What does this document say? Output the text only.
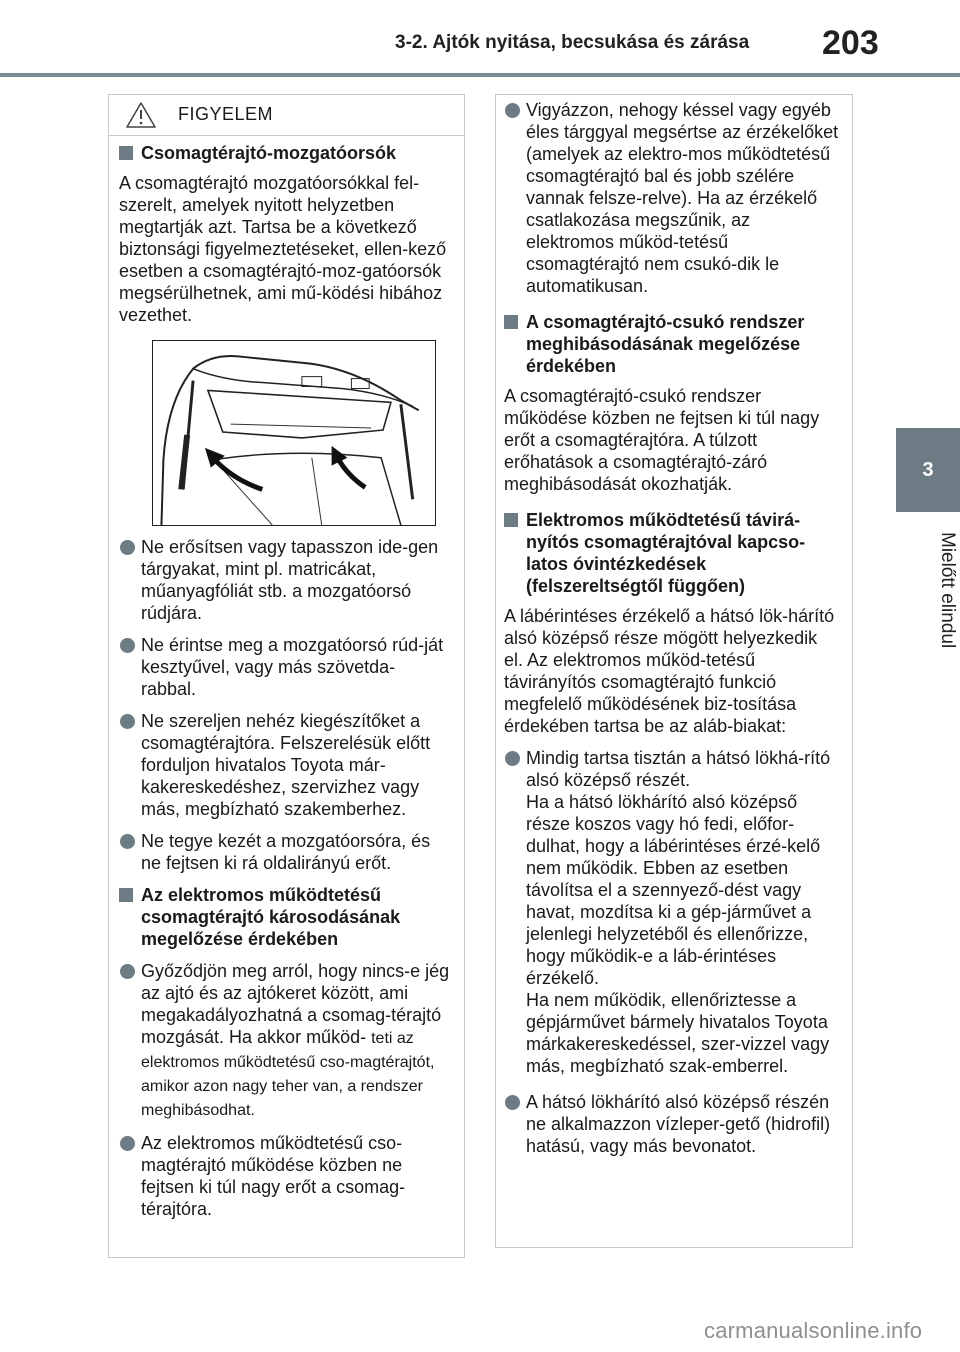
3-2. Ajtók nyitása, becsukása és zárása	203
3
Mielőtt elindul
FIGYELEM
Csomagtérajtó-mozgatóorsók
A csomagtérajtó mozgatóorsókkal fel-szerelt, amelyek nyitott helyzetben megtartják azt. Tartsa be a következő biztonsági figyelmeztetéseket, ellen-kező esetben a csomagtérajtó-moz-gatóorsók megsérülhetnek, ami mű-ködési hibához vezethet.
Ne erősítsen vagy tapasszon ide-gen tárgyakat, mint pl. matricákat, műanyagfóliát stb. a mozgatóorsó rúdjára.
Ne érintse meg a mozgatóorsó rúd-ját kesztyűvel, vagy más szövetda-rabbal.
Ne szereljen nehéz kiegészítőket a csomagtérajtóra. Felszerelésük előtt forduljon hivatalos Toyota már-kakereskedéshez, szervizhez vagy más, megbízható szakemberhez.
Ne tegye kezét a mozgatóorsóra, és ne fejtsen ki rá oldalirányú erőt.
Az elektromos működtetésű csomagtérajtó károsodásának megelőzése érdekében
Győződjön meg arról, hogy nincs-e jég az ajtó és az ajtókeret között, ami megakadályozhatná a csomag-térajtó mozgását. Ha akkor működ- teti az elektromos működtetésű cso-magtérajtót, amikor azon nagy teher van, a rendszer meghibásodhat.
Az elektromos működtetésű cso-magtérajtó működése közben ne fejtsen ki túl nagy erőt a csomag-térajtóra.
Vigyázzon, nehogy késsel vagy egyéb éles tárggyal megsértse az érzékelőket (amelyek az elektro-mos működtetésű csomagtérajtó bal és jobb szélére vannak felsze-relve). Ha az érzékelő csatlakozása megszűnik, az elektromos működ-tetésű csomagtérajtó nem csukó-dik le automatikusan.
A csomagtérajtó-csukó rendszer meghibásodásának megelőzése érdekében
A csomagtérajtó-csukó rendszer működése közben ne fejtsen ki túl nagy erőt a csomagtérajtóra. A túlzott erőhatások a csomagtérajtó-záró meghibásodását okozhatják.
Elektromos működtetésű távirá-nyítós csomagtérajtóval kapcso-latos óvintézkedések (felszereltségtől függően)
A lábérintéses érzékelő a hátsó lök-hárító alsó középső része mögött helyezkedik el. Az elektromos működ-tetésű távirányítós csomagtérajtó funkció megfelelő működésének biz-tosítása érdekében tartsa be az aláb-biakat:
Mindig tartsa tisztán a hátsó lökhá-rító alsó középső részét.
Ha a hátsó lökhárító alsó középső része koszos vagy hó fedi, előfor-dulhat, hogy a lábérintéses érzé-kelő nem működik. Ebben az esetben távolítsa el a szennyező-dést vagy havat, mozdítsa ki a gép-járművet a jelenlegi helyzetéből és ellenőrizze, hogy működik-e a láb-érintéses érzékelő.
Ha nem működik, ellenőriztesse a gépjárművet bármely hivatalos Toyota márkakereskedéssel, szer-vizzel vagy más, megbízható szak-emberrel.
A hátsó lökhárító alsó középső részén ne alkalmazzon vízleper-gető (hidrofil) hatású, vagy más bevonatot.
carmanualsonline.info
